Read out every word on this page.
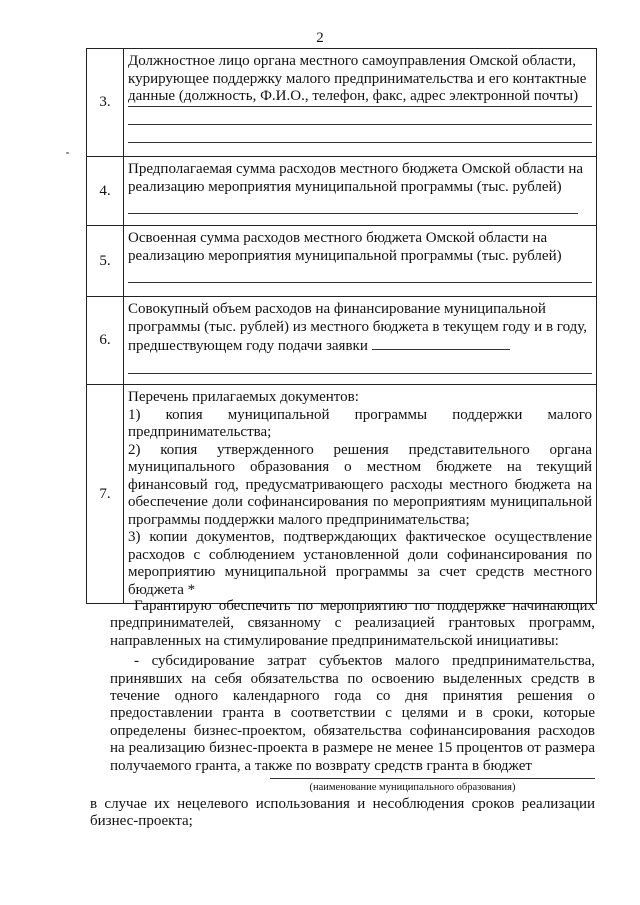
2
3.	Должностное лицо органа местного самоуправления Омской области,
курирующее поддержку малого предпринимательства и его контактные
данные (должность, Ф.И.О., телефон, факс, адрес электронной почты)

4.	Предполагаемая сумма расходов местного бюджета Омской области на
реализацию мероприятия муниципальной программы (тыс. рублей)

5.	Освоенная сумма расходов местного бюджета Омской области на
реализацию мероприятия муниципальной программы (тыс. рублей)

6.	Совокупный объем расходов на финансирование муниципальной
программы (тыс. рублей) из местного бюджета в текущем году и в году,
предшествующем году подачи заявки

7.	Перечень прилагаемых документов:
1) копия муниципальной программы поддержки малого предпринимательства;
2) копия утвержденного решения представительного органа муниципального образования о местном бюджете на текущий финансовый год, предусматривающего расходы местного бюджета на обеспечение доли софинансирования по мероприятиям муниципальной программы поддержки малого предпринимательства;
3) копии документов, подтверждающих фактическое осуществление расходов с соблюдением установленной доли софинансирования по мероприятию муниципальной программы за счет средств местного бюджета *

Гарантирую обеспечить по мероприятию по поддержке начинающих предпринимателей, связанному с реализацией грантовых программ, направленных на стимулирование предпринимательской инициативы:

- субсидирование затрат субъектов малого предпринимательства, принявших на себя обязательства по освоению выделенных средств в течение одного календарного года со дня принятия решения о предоставлении гранта в соответствии с целями и в сроки, которые определены бизнес-проектом, обязательства софинансирования расходов на реализацию бизнес-проекта в размере не менее 15 процентов от размера получаемого гранта, а также по возврату средств гранта в бюджет

(наименование муниципального образования)

в случае их нецелевого использования и несоблюдения сроков реализации бизнес-проекта;
